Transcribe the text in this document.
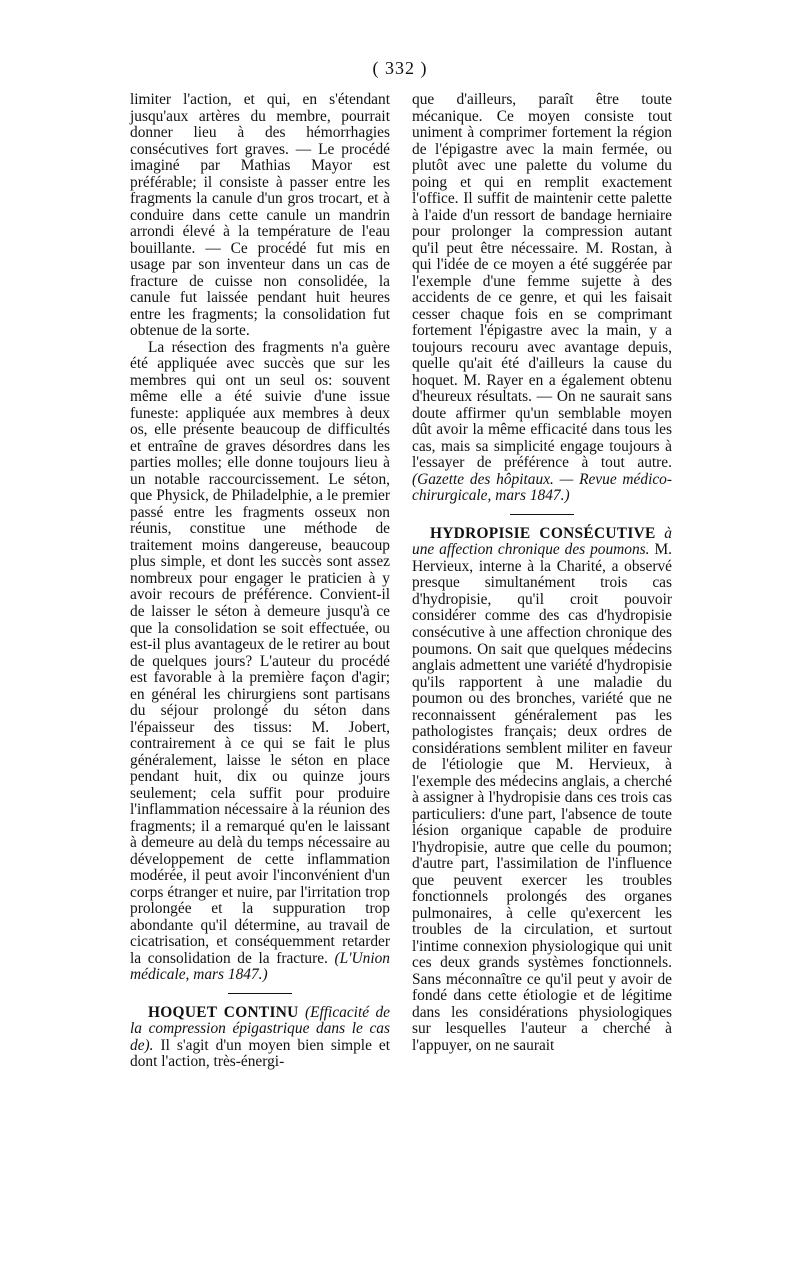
( 332 )

limiter l'action, et qui, en s'étendant jusqu'aux artères du membre, pourrait donner lieu à des hémorrhagies consécutives fort graves. — Le procédé imaginé par Mathias Mayor est préférable; il consiste à passer entre les fragments la canule d'un gros trocart, et à conduire dans cette canule un mandrin arrondi élevé à la température de l'eau bouillante. — Ce procédé fut mis en usage par son inventeur dans un cas de fracture de cuisse non consolidée, la canule fut laissée pendant huit heures entre les fragments; la consolidation fut obtenue de la sorte.

La résection des fragments n'a guère été appliquée avec succès que sur les membres qui ont un seul os: souvent même elle a été suivie d'une issue funeste: appliquée aux membres à deux os, elle présente beaucoup de difficultés et entraîne de graves désordres dans les parties molles; elle donne toujours lieu à un notable raccourcissement. Le séton, que Physick, de Philadelphie, a le premier passé entre les fragments osseux non réunis, constitue une méthode de traitement moins dangereuse, beaucoup plus simple, et dont les succès sont assez nombreux pour engager le praticien à y avoir recours de préférence. Convient-il de laisser le séton à demeure jusqu'à ce que la consolidation se soit effectuée, ou est-il plus avantageux de le retirer au bout de quelques jours? L'auteur du procédé est favorable à la première façon d'agir; en général les chirurgiens sont partisans du séjour prolongé du séton dans l'épaisseur des tissus: M. Jobert, contrairement à ce qui se fait le plus généralement, laisse le séton en place pendant huit, dix ou quinze jours seulement; cela suffit pour produire l'inflammation nécessaire à la réunion des fragments; il a remarqué qu'en le laissant à demeure au delà du temps nécessaire au développement de cette inflammation modérée, il peut avoir l'inconvénient d'un corps étranger et nuire, par l'irritation trop prolongée et la suppuration trop abondante qu'il détermine, au travail de cicatrisation, et conséquemment retarder la consolidation de la fracture. (L'Union médicale, mars 1847.)

HOQUET CONTINU (Efficacité de la compression épigastrique dans le cas de). Il s'agit d'un moyen bien simple et dont l'action, très-énergi-

que d'ailleurs, paraît être toute mécanique. Ce moyen consiste tout uniment à comprimer fortement la région de l'épigastre avec la main fermée, ou plutôt avec une palette du volume du poing et qui en remplit exactement l'office. Il suffit de maintenir cette palette à l'aide d'un ressort de bandage herniaire pour prolonger la compression autant qu'il peut être nécessaire. M. Rostan, à qui l'idée de ce moyen a été suggérée par l'exemple d'une femme sujette à des accidents de ce genre, et qui les faisait cesser chaque fois en se comprimant fortement l'épigastre avec la main, y a toujours recouru avec avantage depuis, quelle qu'ait été d'ailleurs la cause du hoquet. M. Rayer en a également obtenu d'heureux résultats. — On ne saurait sans doute affirmer qu'un semblable moyen dût avoir la même efficacité dans tous les cas, mais sa simplicité engage toujours à l'essayer de préférence à tout autre. (Gazette des hôpitaux. — Revue médico-chirurgicale, mars 1847.)

HYDROPISIE CONSÉCUTIVE à une affection chronique des poumons. M. Hervieux, interne à la Charité, a observé presque simultanément trois cas d'hydropisie, qu'il croit pouvoir considérer comme des cas d'hydropisie consécutive à une affection chronique des poumons. On sait que quelques médecins anglais admettent une variété d'hydropisie qu'ils rapportent à une maladie du poumon ou des bronches, variété que ne reconnaissent généralement pas les pathologistes français; deux ordres de considérations semblent militer en faveur de l'étiologie que M. Hervieux, à l'exemple des médecins anglais, a cherché à assigner à l'hydropisie dans ces trois cas particuliers: d'une part, l'absence de toute lésion organique capable de produire l'hydropisie, autre que celle du poumon; d'autre part, l'assimilation de l'influence que peuvent exercer les troubles fonctionnels prolongés des organes pulmonaires, à celle qu'exercent les troubles de la circulation, et surtout l'intime connexion physiologique qui unit ces deux grands systèmes fonctionnels. Sans méconnaître ce qu'il peut y avoir de fondé dans cette étiologie et de légitime dans les considérations physiologiques sur lesquelles l'auteur a cherché à l'appuyer, on ne saurait
